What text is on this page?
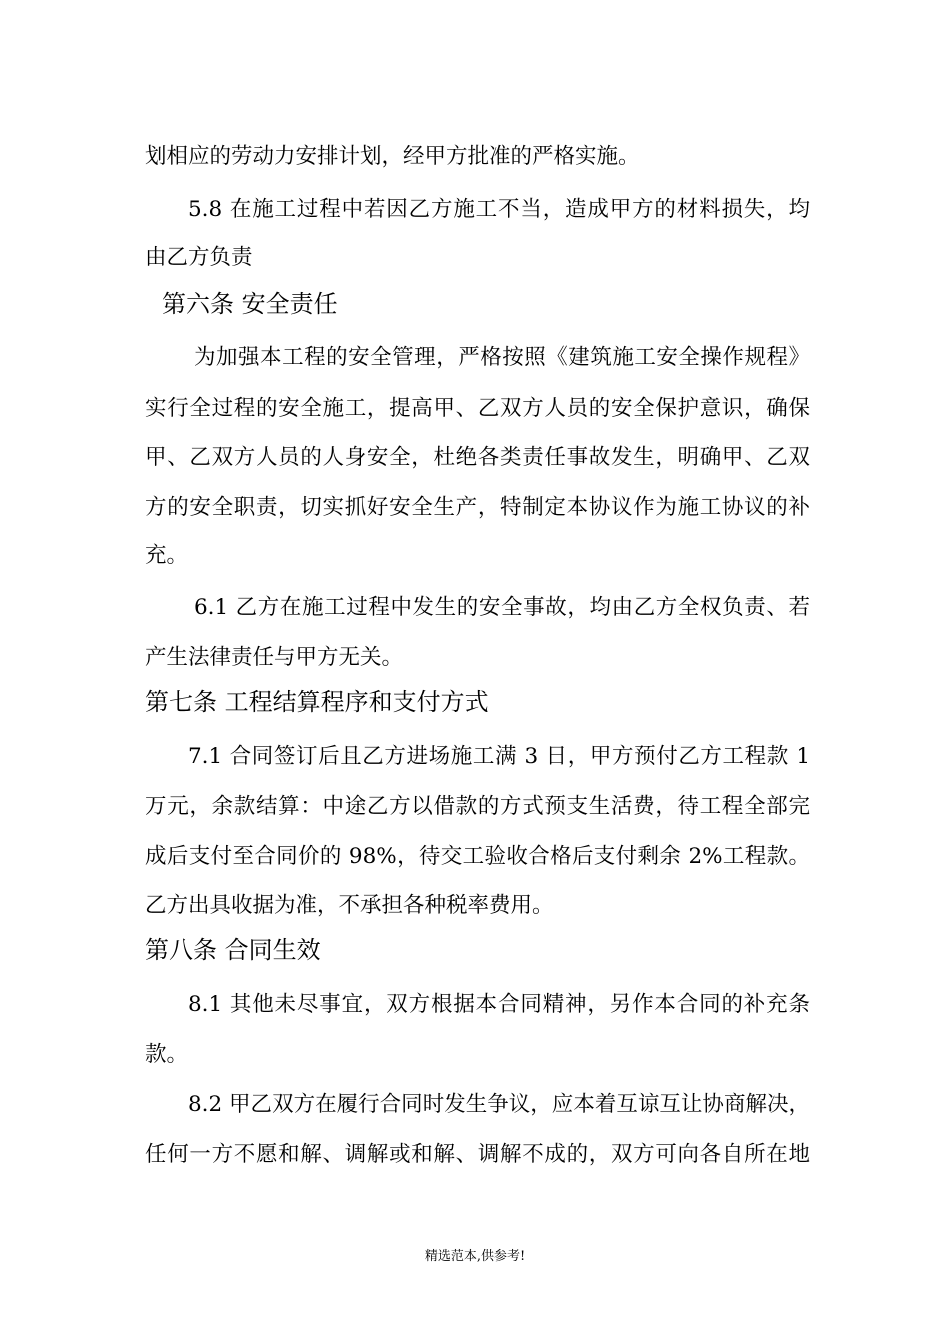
划相应的劳动力安排计划，经甲方批准的严格实施。
5.8 在施工过程中若因乙方施工不当，造成甲方的材料损失，均
由乙方负责
第六条 安全责任
为加强本工程的安全管理，严格按照《建筑施工安全操作规程》
实行全过程的安全施工，提高甲、乙双方人员的安全保护意识，确保
甲、乙双方人员的人身安全，杜绝各类责任事故发生，明确甲、乙双
方的安全职责，切实抓好安全生产，特制定本协议作为施工协议的补
充。
6.1 乙方在施工过程中发生的安全事故，均由乙方全权负责、若
产生法律责任与甲方无关。
第七条 工程结算程序和支付方式
7.1 合同签订后且乙方进场施工满 3 日，甲方预付乙方工程款 1
万元，余款结算：中途乙方以借款的方式预支生活费，待工程全部完
成后支付至合同价的 98%，待交工验收合格后支付剩余 2%工程款。
乙方出具收据为准，不承担各种税率费用。
第八条 合同生效
8.1 其他未尽事宜，双方根据本合同精神，另作本合同的补充条
款。
8.2 甲乙双方在履行合同时发生争议，应本着互谅互让协商解决，
任何一方不愿和解、调解或和解、调解不成的，双方可向各自所在地
精选范本,供参考!
